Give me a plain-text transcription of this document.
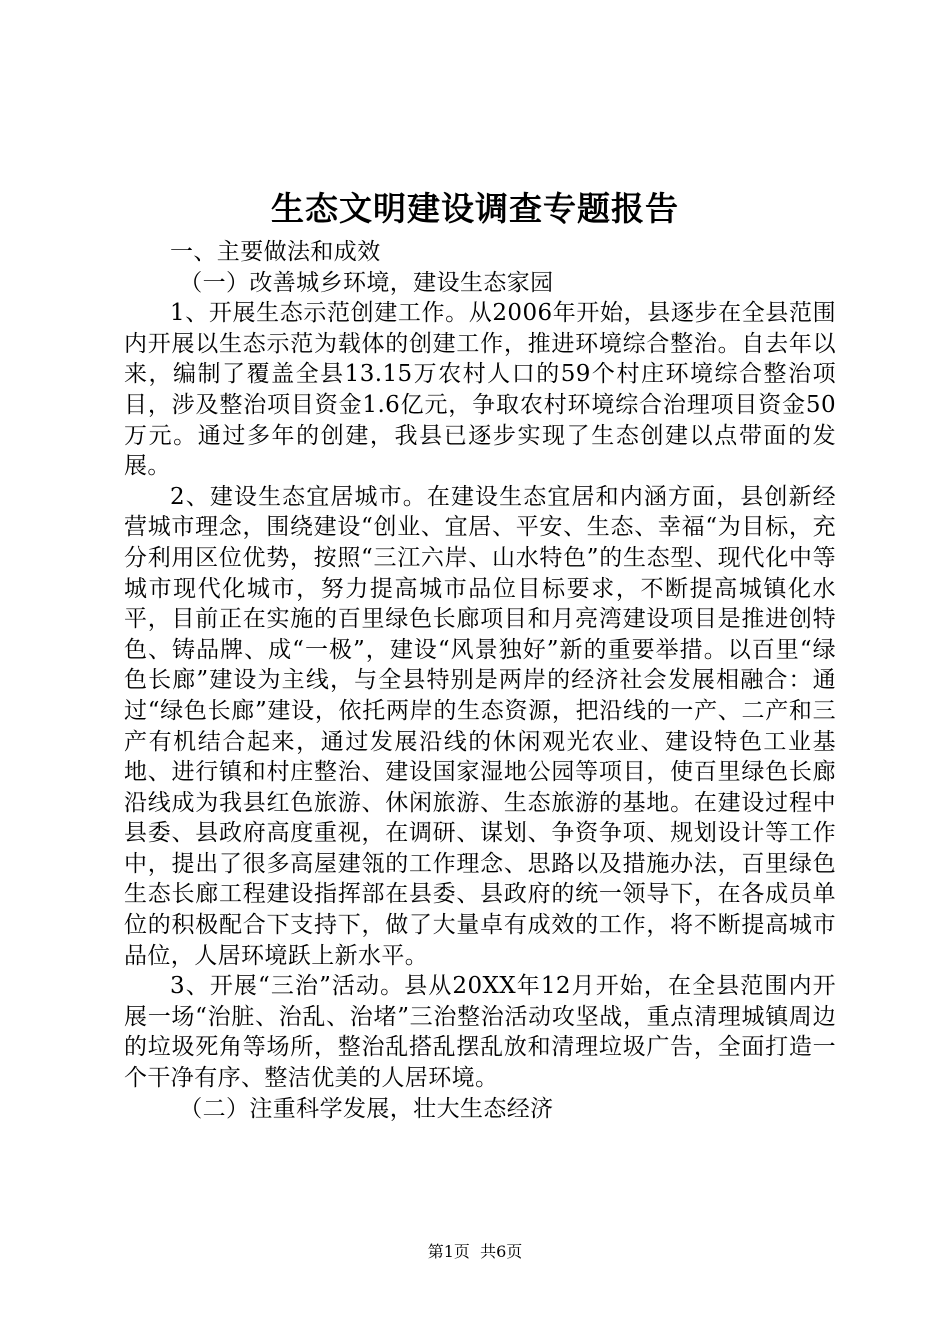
生态文明建设调查专题报告

一、主要做法和成效

（一）改善城乡环境，建设生态家园

1、开展生态示范创建工作。从2006年开始，县逐步在全县范围内开展以生态示范为载体的创建工作，推进环境综合整治。自去年以来，编制了覆盖全县13.15万农村人口的59个村庄环境综合整治项目，涉及整治项目资金1.6亿元，争取农村环境综合治理项目资金50万元。通过多年的创建，我县已逐步实现了生态创建以点带面的发展。

2、建设生态宜居城市。在建设生态宜居和内涵方面，县创新经营城市理念，围绕建设“创业、宜居、平安、生态、幸福“为目标，充分利用区位优势，按照“三江六岸、山水特色”的生态型、现代化中等城市现代化城市，努力提高城市品位目标要求，不断提高城镇化水平，目前正在实施的百里绿色长廊项目和月亮湾建设项目是推进创特色、铸品牌、成“一极”，建设“风景独好”新的重要举措。以百里“绿色长廊”建设为主线，与全县特别是两岸的经济社会发展相融合：通过“绿色长廊”建设，依托两岸的生态资源，把沿线的一产、二产和三产有机结合起来，通过发展沿线的休闲观光农业、建设特色工业基地、进行镇和村庄整治、建设国家湿地公园等项目，使百里绿色长廊沿线成为我县红色旅游、休闲旅游、生态旅游的基地。在建设过程中县委、县政府高度重视，在调研、谋划、争资争项、规划设计等工作中，提出了很多高屋建瓴的工作理念、思路以及措施办法，百里绿色生态长廊工程建设指挥部在县委、县政府的统一领导下，在各成员单位的积极配合下支持下，做了大量卓有成效的工作，将不断提高城市品位，人居环境跃上新水平。

3、开展“三治”活动。县从20XX年12月开始，在全县范围内开展一场“治脏、治乱、治堵”三治整治活动攻坚战，重点清理城镇周边的垃圾死角等场所，整治乱搭乱摆乱放和清理垃圾广告，全面打造一个干净有序、整洁优美的人居环境。

（二）注重科学发展，壮大生态经济

第1页 共6页
